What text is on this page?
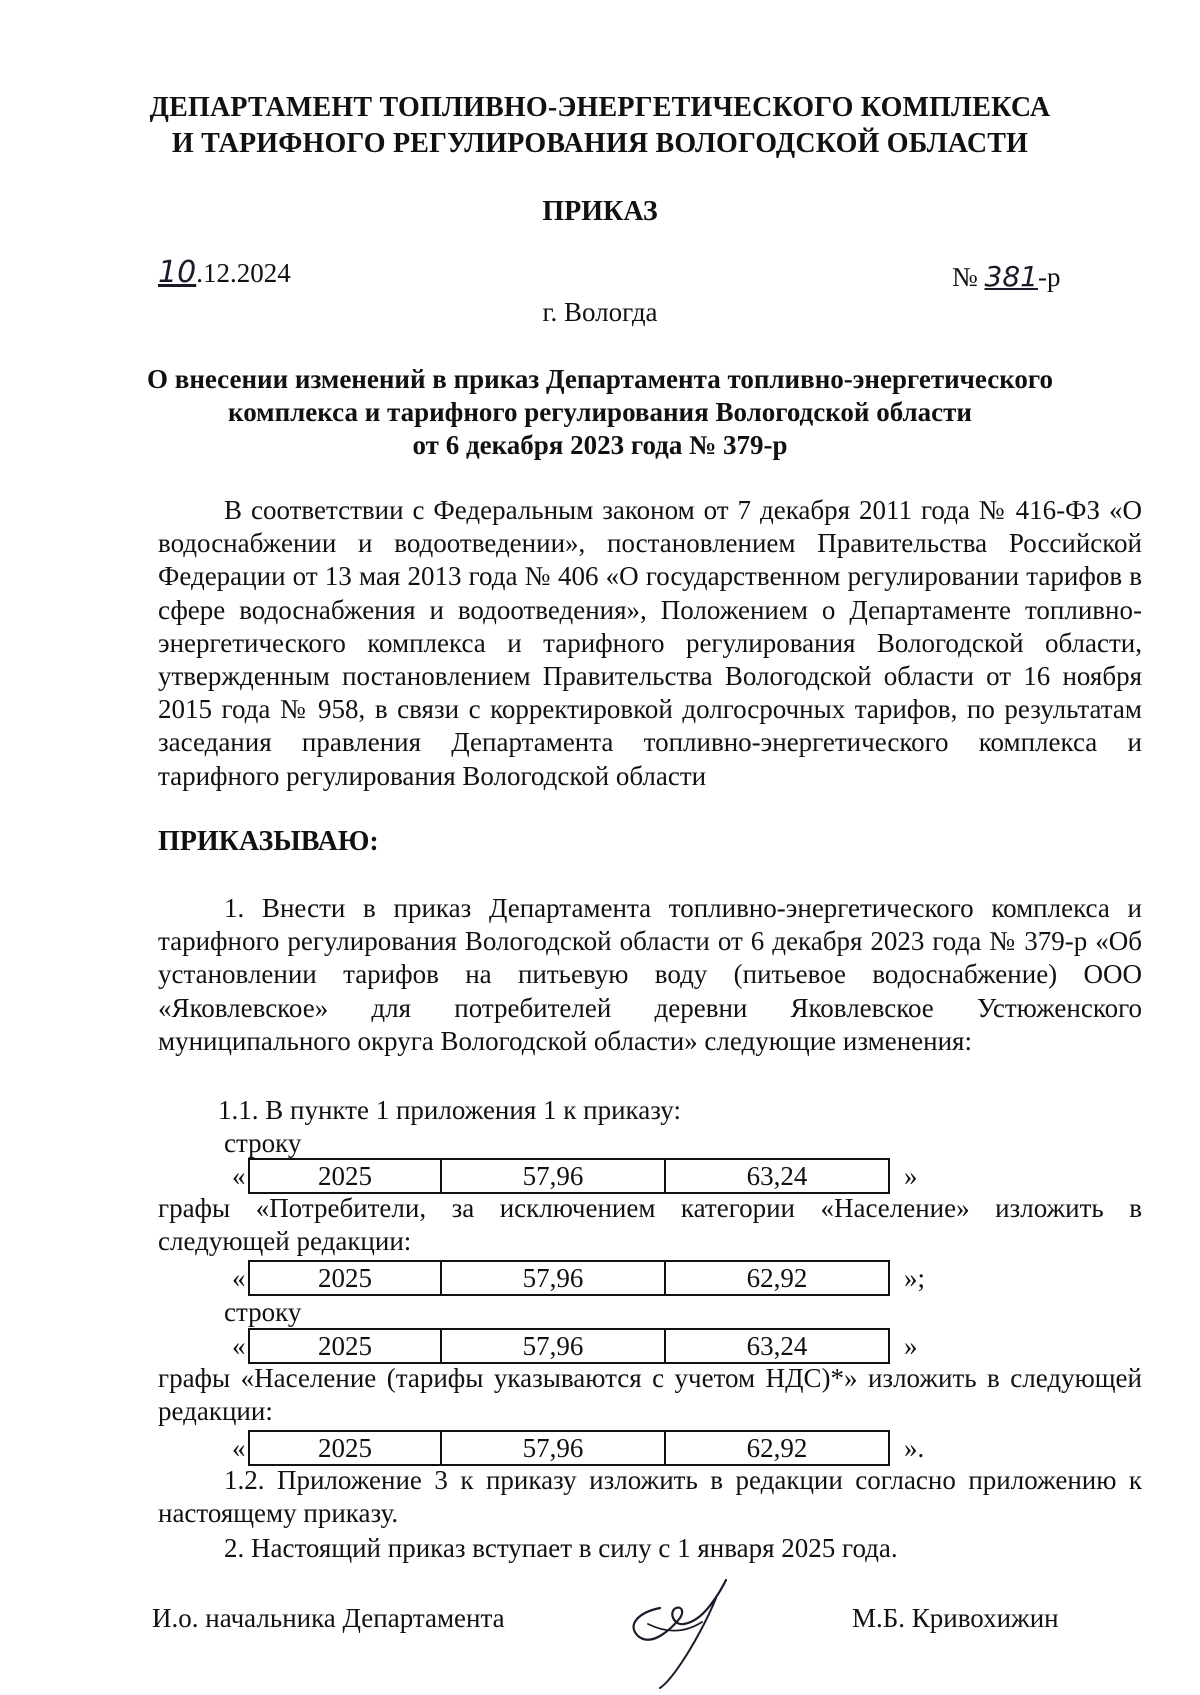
ДЕПАРТАМЕНТ ТОПЛИВНО-ЭНЕРГЕТИЧЕСКОГО КОМПЛЕКСА
И ТАРИФНОГО РЕГУЛИРОВАНИЯ ВОЛОГОДСКОЙ ОБЛАСТИ
ПРИКАЗ
10.12.2024	№ 381-р
г. Вологда
О внесении изменений в приказ Департамента топливно-энергетического
комплекса и тарифного регулирования Вологодской области
от 6 декабря 2023 года № 379-р

В соответствии с Федеральным законом от 7 декабря 2011 года № 416-ФЗ «О водоснабжении и водоотведении», постановлением Правительства Российской Федерации от 13 мая 2013 года № 406 «О государственном регулировании тарифов в сфере водоснабжения и водоотведения», Положением о Департаменте топливно-энергетического комплекса и тарифного регулирования Вологодской области, утвержденным постановлением Правительства Вологодской области от 16 ноября 2015 года № 958, в связи с корректировкой долгосрочных тарифов, по результатам заседания правления Департамента топливно-энергетического комплекса и тарифного регулирования Вологодской области

ПРИКАЗЫВАЮ:

1. Внести в приказ Департамента топливно-энергетического комплекса и тарифного регулирования Вологодской области от 6 декабря 2023 года № 379-р «Об установлении тарифов на питьевую воду (питьевое водоснабжение) ООО «Яковлевское» для потребителей деревни Яковлевское Устюженского муниципального округа Вологодской области» следующие изменения:

1.1. В пункте 1 приложения 1 к приказу:
строку
«	2025	57,96	63,24	»

графы «Потребители, за исключением категории «Население» изложить в следующей редакции:

«	2025	57,96	62,92	»;
строку
«	2025	57,96	63,24	»

графы «Население (тарифы указываются с учетом НДС)*» изложить в следующей редакции:

«	2025	57,96	62,92	».

1.2. Приложение 3 к приказу изложить в редакции согласно приложению к настоящему приказу.

2. Настоящий приказ вступает в силу с 1 января 2025 года.

И.о. начальника Департамента	М.Б. Кривохижин
